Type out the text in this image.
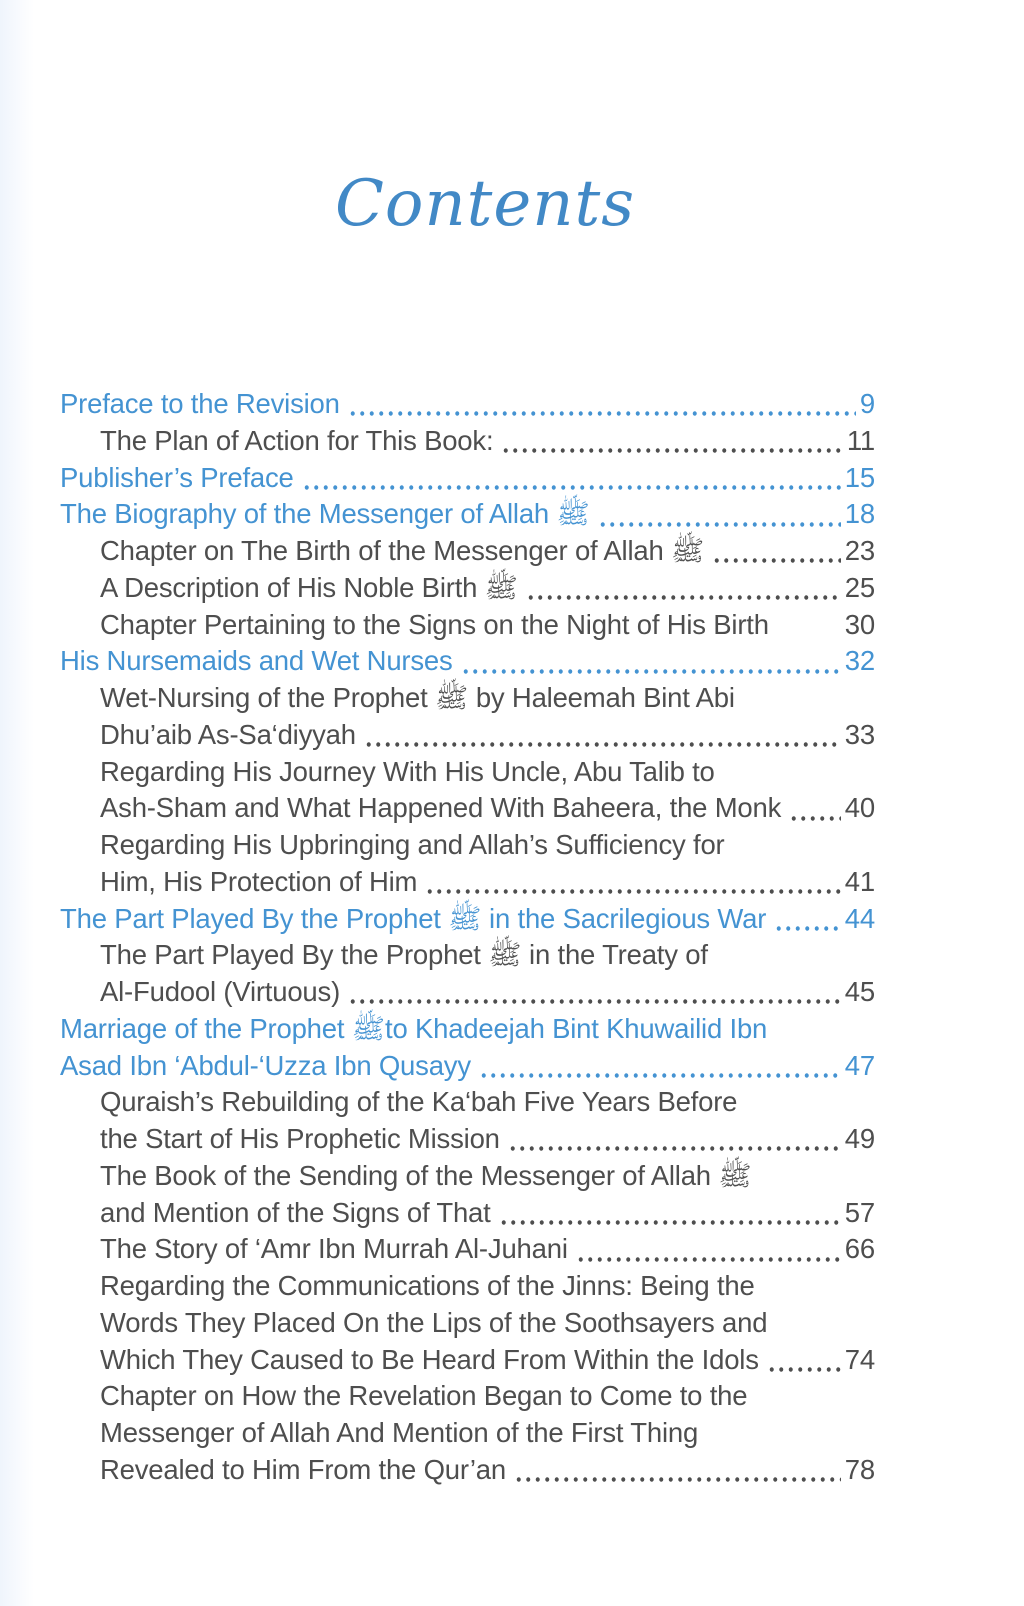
Contents
Preface to the Revision	9
The Plan of Action for This Book:	11
Publisher’s Preface	15
The Biography of the Messenger of Allah ﷺ	18
Chapter on The Birth of the Messenger of Allah ﷺ	23
A Description of His Noble Birth ﷺ	25
Chapter Pertaining to the Signs on the Night of His Birth	30
His Nursemaids and Wet Nurses	32
Wet-Nursing of the Prophet ﷺ by Haleemah Bint Abi
Dhu’aib As-Sa‘diyyah	33
Regarding His Journey With His Uncle, Abu Talib to
Ash-Sham and What Happened With Baheera, the Monk 40
Regarding His Upbringing and Allah’s Sufficiency for
Him, His Protection of Him	41
The Part Played By the Prophet ﷺ in the Sacrilegious War	44
The Part Played By the Prophet ﷺ in the Treaty of
Al-Fudool (Virtuous)	45
Marriage of the Prophet ﷺto Khadeejah Bint Khuwailid Ibn
Asad Ibn ‘Abdul-‘Uzza Ibn Qusayy	47
Quraish’s Rebuilding of the Ka‘bah Five Years Before
the Start of His Prophetic Mission	49
The Book of the Sending of the Messenger of Allah ﷺ
and Mention of the Signs of That	57
The Story of ‘Amr Ibn Murrah Al-Juhani	66
Regarding the Communications of the Jinns: Being the
Words They Placed On the Lips of the Soothsayers and
Which They Caused to Be Heard From Within the Idols	74
Chapter on How the Revelation Began to Come to the
Messenger of Allah And Mention of the First Thing
Revealed to Him From the Qur’an	78
